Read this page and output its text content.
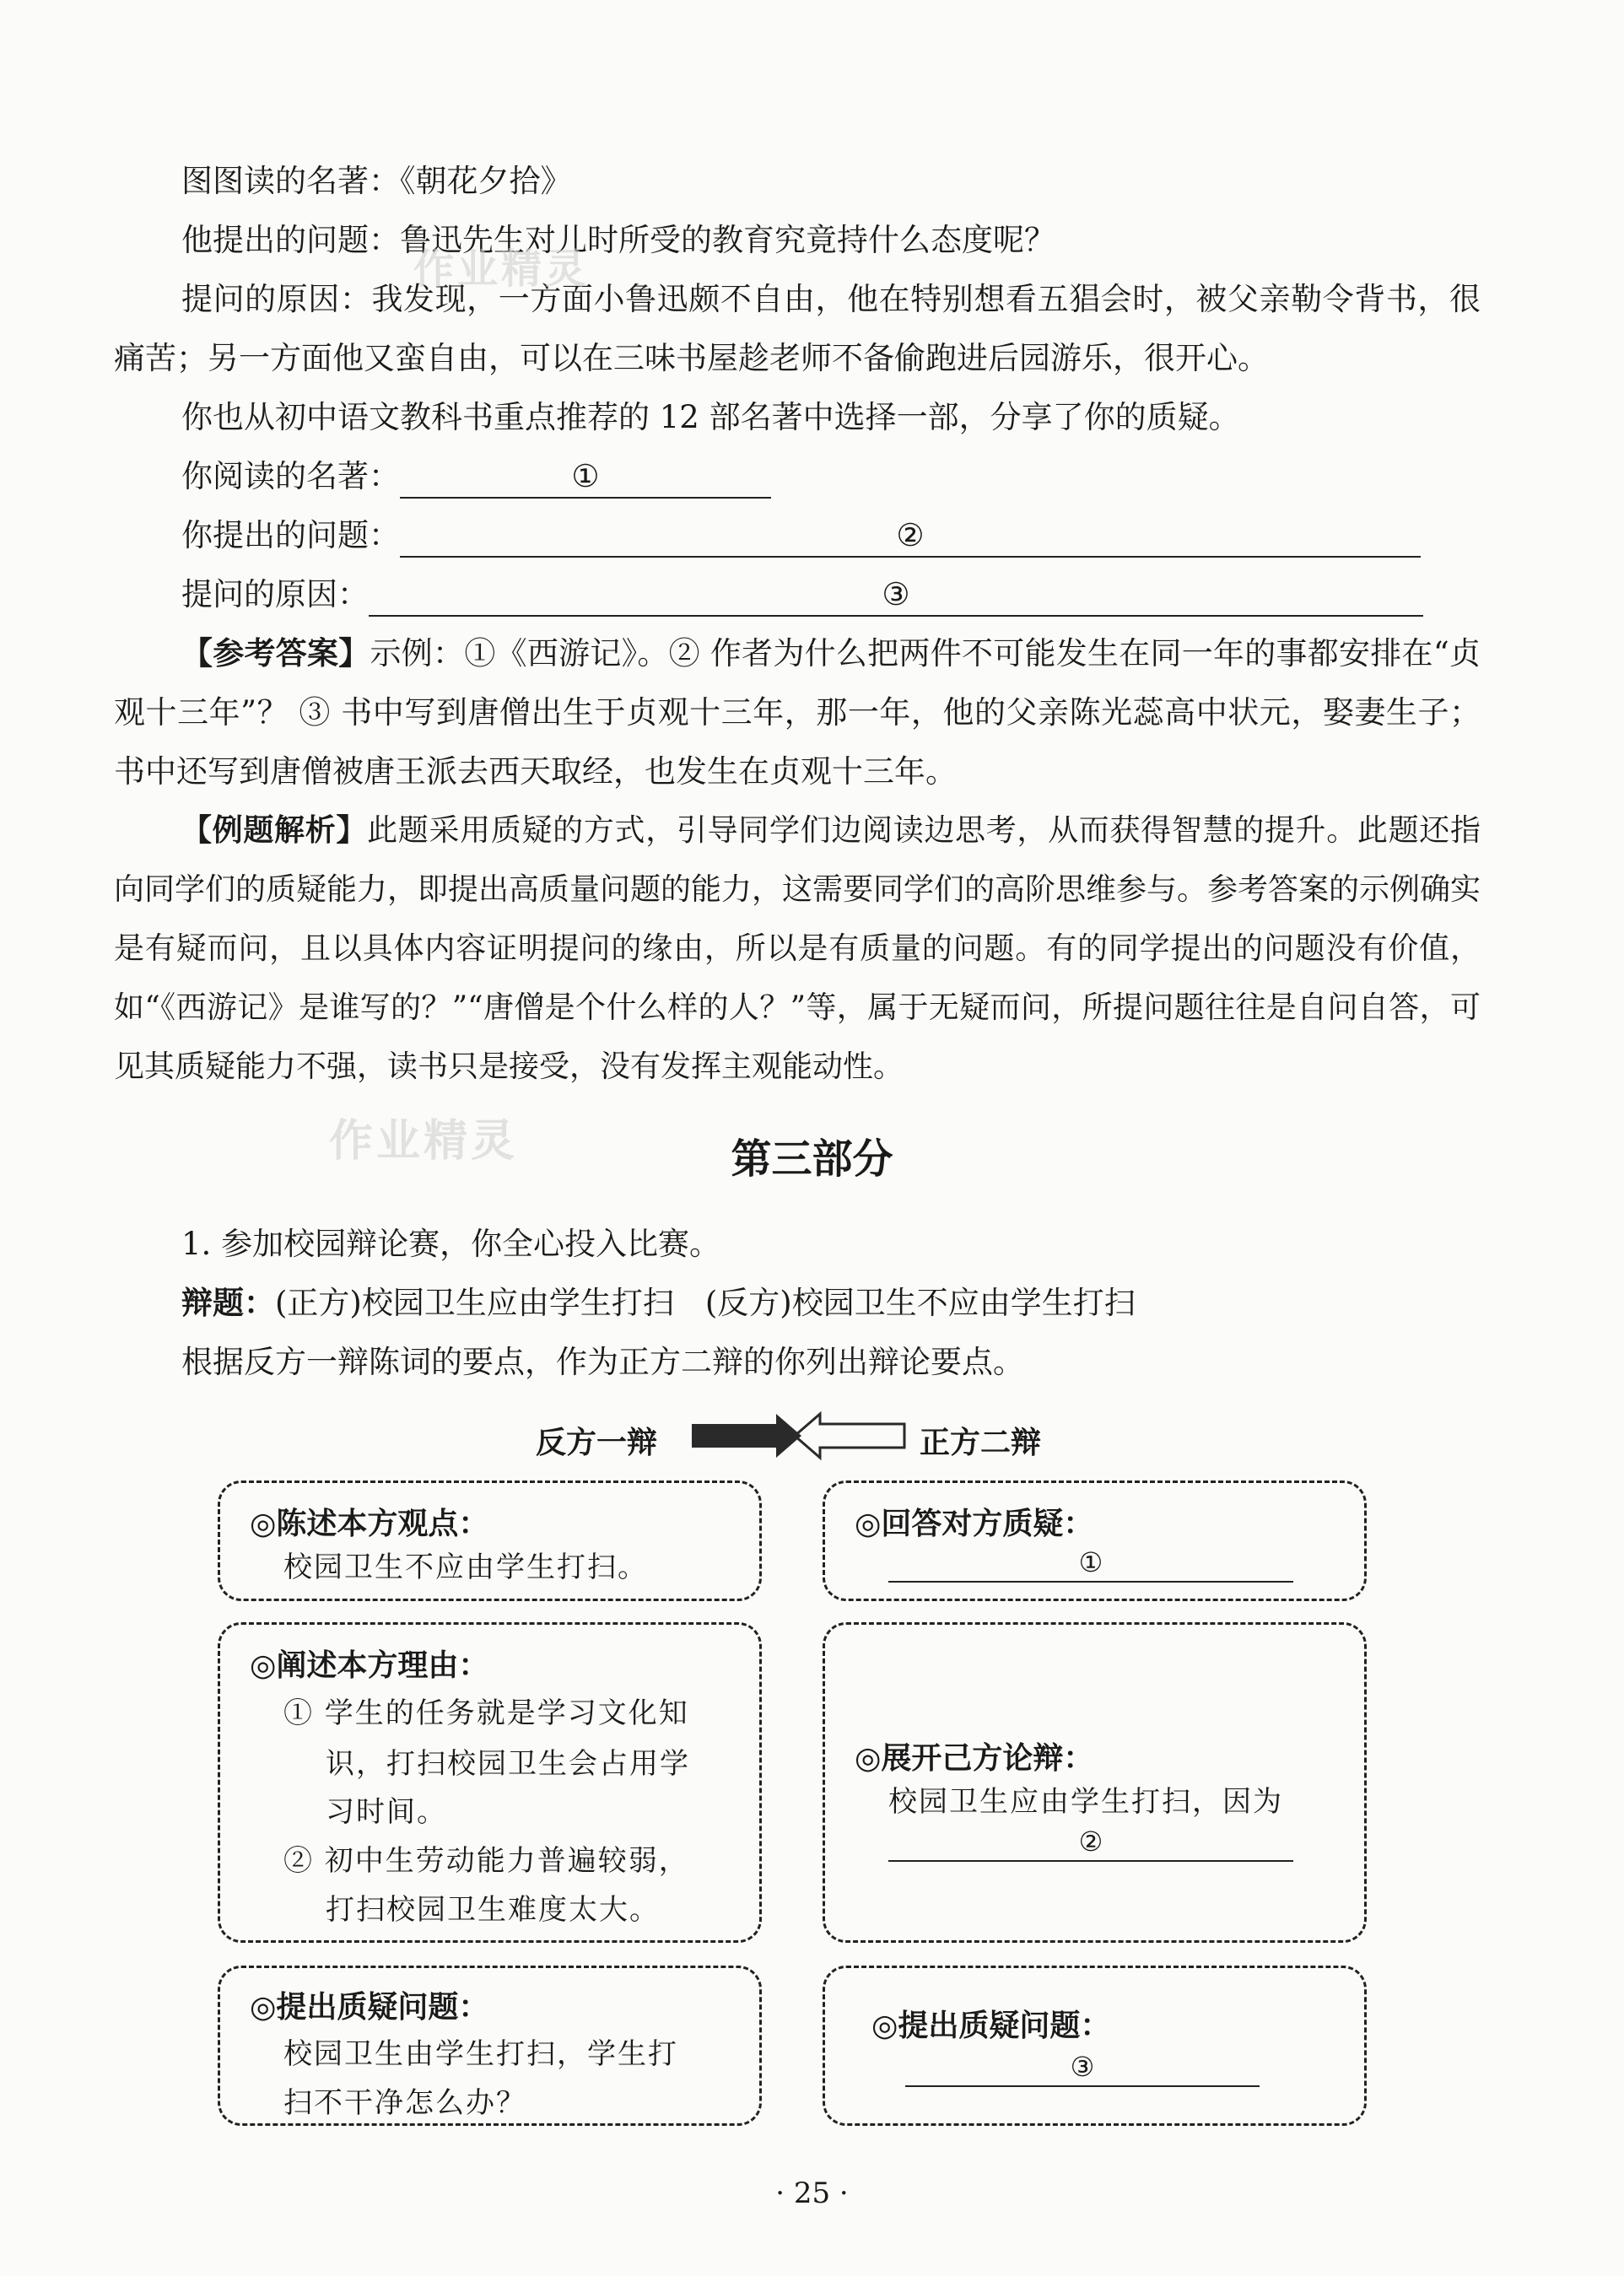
图图读的名著：《朝花夕拾》
他提出的问题：鲁迅先生对儿时所受的教育究竟持什么态度呢？
提问的原因：我发现，一方面小鲁迅颇不自由，他在特别想看五猖会时，被父亲勒令背书，很痛苦；另一方面他又蛮自由，可以在三味书屋趁老师不备偷跑进后园游乐，很开心。
你也从初中语文教科书重点推荐的 12 部名著中选择一部，分享了你的质疑。
你阅读的名著：	①
你提出的问题：	②
提问的原因：	③
【参考答案】示例：①《西游记》。② 作者为什么把两件不可能发生在同一年的事都安排在“贞观十三年”？ ③ 书中写到唐僧出生于贞观十三年，那一年，他的父亲陈光蕊高中状元，娶妻生子；书中还写到唐僧被唐王派去西天取经，也发生在贞观十三年。
【例题解析】此题采用质疑的方式，引导同学们边阅读边思考，从而获得智慧的提升。此题还指向同学们的质疑能力，即提出高质量问题的能力，这需要同学们的高阶思维参与。参考答案的示例确实是有疑而问，且以具体内容证明提问的缘由，所以是有质量的问题。有的同学提出的问题没有价值，如“《西游记》是谁写的？”“唐僧是个什么样的人？”等，属于无疑而问，所提问题往往是自问自答，可见其质疑能力不强，读书只是接受，没有发挥主观能动性。
作业精灵
作业精灵	第三部分
1. 参加校园辩论赛，你全心投入比赛。
辩题：(正方)校园卫生应由学生打扫　(反方)校园卫生不应由学生打扫
根据反方一辩陈词的要点，作为正方二辩的你列出辩论要点。
反方一辩	正方二辩
◎陈述本方观点：
校园卫生不应由学生打扫。
◎阐述本方理由：
① 学生的任务就是学习文化知
识，打扫校园卫生会占用学
习时间。
② 初中生劳动能力普遍较弱，
打扫校园卫生难度太大。
◎提出质疑问题：
校园卫生由学生打扫，学生打
扫不干净怎么办？
◎回答对方质疑：
①
◎展开己方论辩：
校园卫生应由学生打扫，因为
②
◎提出质疑问题：
③
· 25 ·
